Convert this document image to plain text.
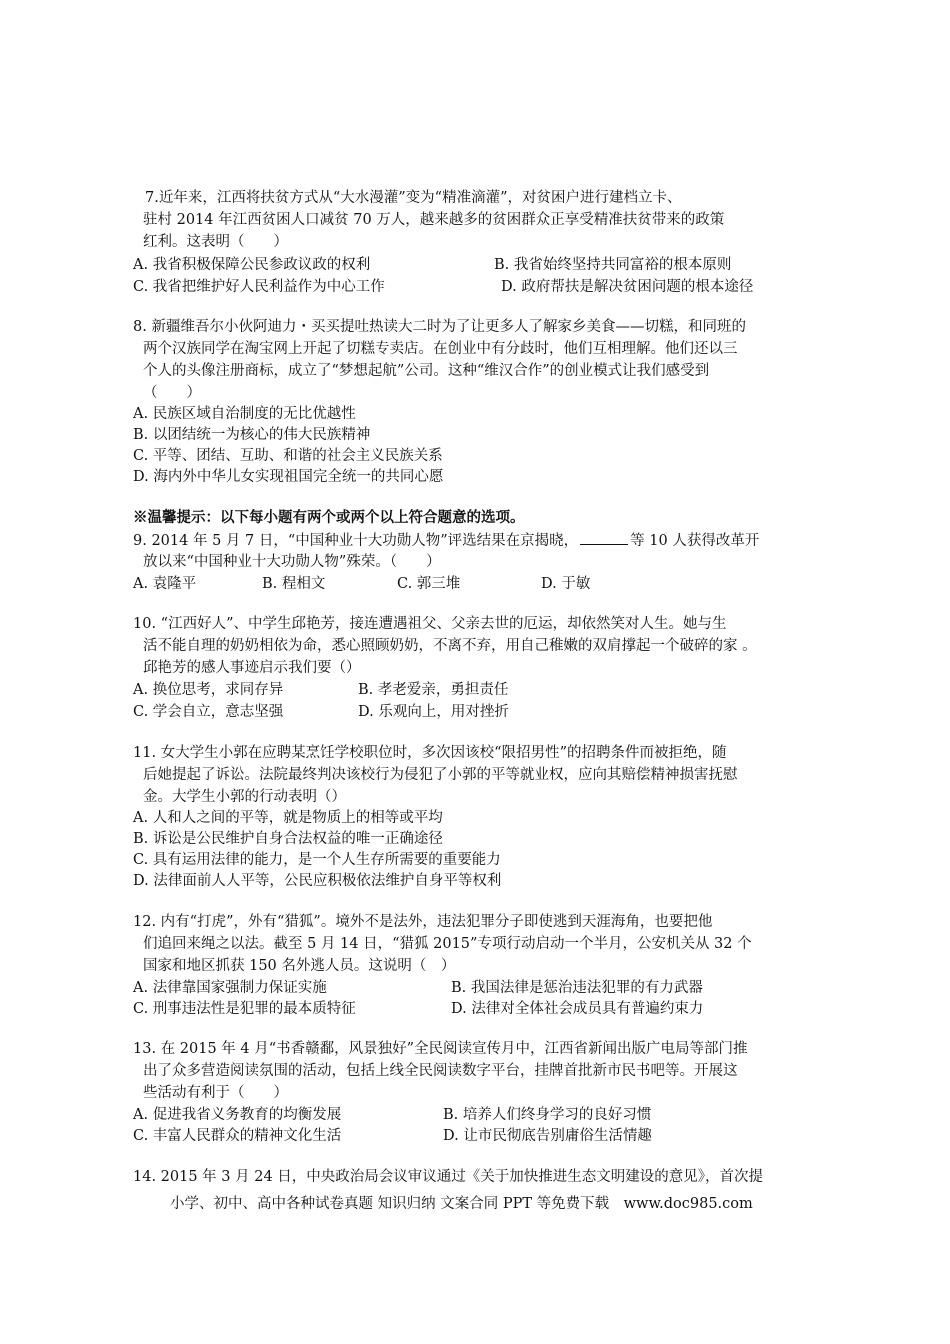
7.近年来，江西将扶贫方式从“大水漫灌”变为“精准滴灌”，对贫困户进行建档立卡、
驻村 2014 年江西贫困人口减贫 70 万人，越来越多的贫困群众正享受精准扶贫带来的政策
红利。这表明（　　）
A. 我省积极保障公民参政议政的权利	B. 我省始终坚持共同富裕的根本原则
C. 我省把维护好人民利益作为中心工作	D. 政府帮扶是解决贫困问题的根本途径
8. 新疆维吾尔小伙阿迪力・买买提吐热读大二时为了让更多人了解家乡美食——切糕，和同班的
两个汉族同学在淘宝网上开起了切糕专卖店。在创业中有分歧时，他们互相理解。他们还以三
个人的头像注册商标，成立了“梦想起航”公司。这种“维汉合作”的创业模式让我们感受到
（　　）
A. 民族区域自治制度的无比优越性
B. 以团结统一为核心的伟大民族精神
C. 平等、团结、互助、和谐的社会主义民族关系
D. 海内外中华儿女实现祖国完全统一的共同心愿
※温馨提示：以下每小题有两个或两个以上符合题意的选项。
9. 2014 年 5 月 7 日，“中国种业十大功勋人物”评选结果在京揭晓，	等 10 人获得改革开
放以来“中国种业十大功勋人物”殊荣。（　　）
A. 袁隆平	B. 程相文	C. 郭三堆	D. 于敏
10. “江西好人”、中学生邱艳芳，接连遭遇祖父、父亲去世的厄运，却依然笑对人生。她与生
活不能自理的奶奶相依为命，悉心照顾奶奶，不离不弃，用自己稚嫩的双肩撑起一个破碎的家 。
邱艳芳的感人事迹启示我们要（）
A. 换位思考，求同存异	B. 孝老爱亲，勇担责任
C. 学会自立，意志坚强	D. 乐观向上，用对挫折
11. 女大学生小郭在应聘某烹饪学校职位时，多次因该校“限招男性”的招聘条件而被拒绝，随
后她提起了诉讼。法院最终判决该校行为侵犯了小郭的平等就业权，应向其赔偿精神损害抚慰
金。大学生小郭的行动表明（）
A. 人和人之间的平等，就是物质上的相等或平均
B. 诉讼是公民维护自身合法权益的唯一正确途径
C. 具有运用法律的能力，是一个人生存所需要的重要能力
D. 法律面前人人平等，公民应积极依法维护自身平等权利
12. 内有“打虎”，外有“猎狐”。境外不是法外，违法犯罪分子即使逃到天涯海角，也要把他
们追回来绳之以法。截至 5 月 14 日，“猎狐 2015”专项行动启动一个半月，公安机关从 32 个
国家和地区抓获 150 名外逃人员。这说明（　）
A. 法律靠国家强制力保证实施	B. 我国法律是惩治违法犯罪的有力武器
C. 刑事违法性是犯罪的最本质特征	D. 法律对全体社会成员具有普遍约束力
13. 在 2015 年 4 月“书香赣鄱，风景独好”全民阅读宣传月中，江西省新闻出版广电局等部门推
出了众多营造阅读氛围的活动，包括上线全民阅读数字平台，挂牌首批新市民书吧等。开展这
些活动有利于（　　）
A. 促进我省义务教育的均衡发展	B. 培养人们终身学习的良好习惯
C. 丰富人民群众的精神文化生活	D. 让市民彻底告别庸俗生活情趣
14. 2015 年 3 月 24 日，中央政治局会议审议通过《关于加快推进生态文明建设的意见》，首次提
小学、初中、高中各种试卷真题 知识归纳 文案合同 PPT 等免费下载　www.doc985.com
